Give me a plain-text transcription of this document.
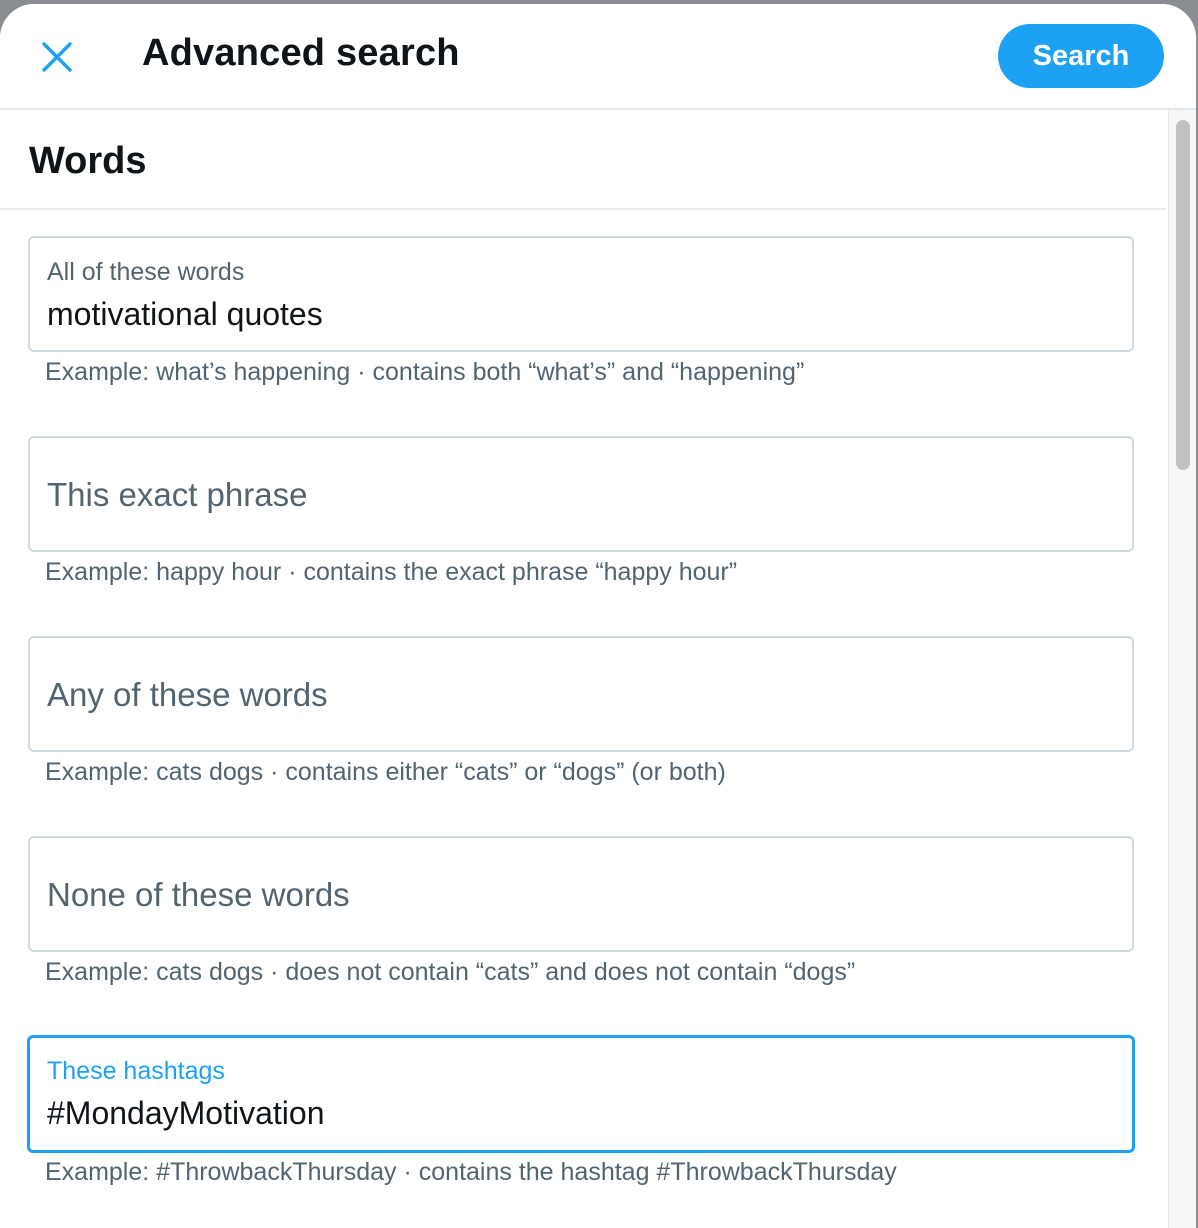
Advanced search	Search
Words
All of these words
motivational quotes
Example: what’s happening · contains both “what’s” and “happening”
This exact phrase
Example: happy hour · contains the exact phrase “happy hour”
Any of these words
Example: cats dogs · contains either “cats” or “dogs” (or both)
None of these words
Example: cats dogs · does not contain “cats” and does not contain “dogs”
These hashtags
#MondayMotivation
Example: #ThrowbackThursday · contains the hashtag #ThrowbackThursday
